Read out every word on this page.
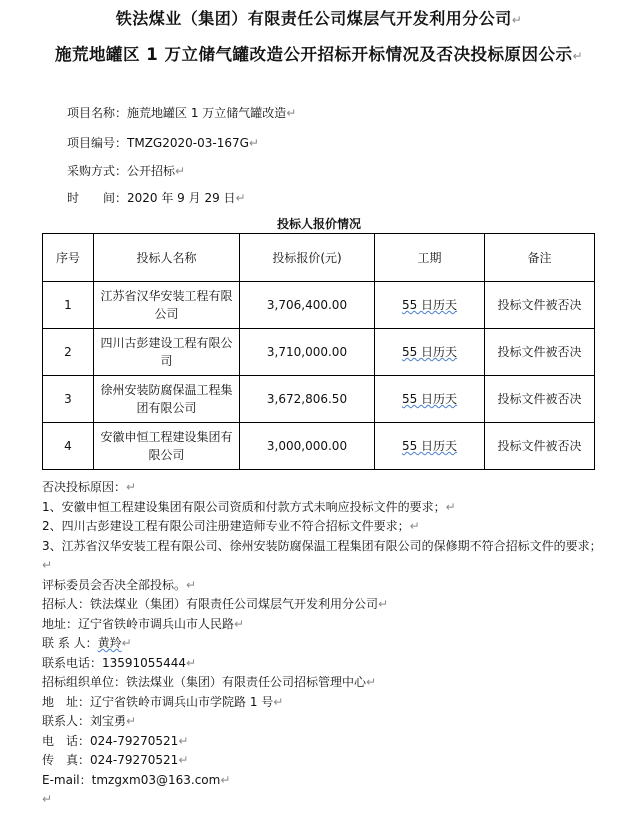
铁法煤业（集团）有限责任公司煤层气开发利用分公司↵
施荒地罐区 1 万立储气罐改造公开招标开标情况及否决投标原因公示↵
项目名称：施荒地罐区 1 万立储气罐改造↵
项目编号：TMZG2020-03-167G↵
采购方式：公开招标↵
时　　间：2020 年 9 月 29 日↵
投标人报价情况
序号	投标人名称	投标报价(元)	工期	备注
1	江苏省汉华安装工程有限公司	3,706,400.00	55 日历天	投标文件被否决
2	四川古彭建设工程有限公司	3,710,000.00	55 日历天	投标文件被否决
3	徐州安装防腐保温工程集团有限公司	3,672,806.50	55 日历天	投标文件被否决
4	安徽申恒工程建设集团有限公司	3,000,000.00	55 日历天	投标文件被否决

否决投标原因：↵

1、安徽申恒工程建设集团有限公司资质和付款方式未响应投标文件的要求；↵

2、四川古彭建设工程有限公司注册建造师专业不符合招标文件要求；↵

3、江苏省汉华安装工程有限公司、徐州安装防腐保温工程集团有限公司的保修期不符合招标文件的要求；↵

评标委员会否决全部投标。↵

招标人：铁法煤业（集团）有限责任公司煤层气开发利用分公司↵

地址：辽宁省铁岭市调兵山市人民路↵

联 系 人：黄羚↵

联系电话：13591055444↵

招标组织单位：铁法煤业（集团）有限责任公司招标管理中心↵

地　址：辽宁省铁岭市调兵山市学院路 1 号↵

联系人：刘宝勇↵

电　话：024-79270521↵

传　真：024-79270521↵

E-mail：tmzgxm03@163.com↵

↵
